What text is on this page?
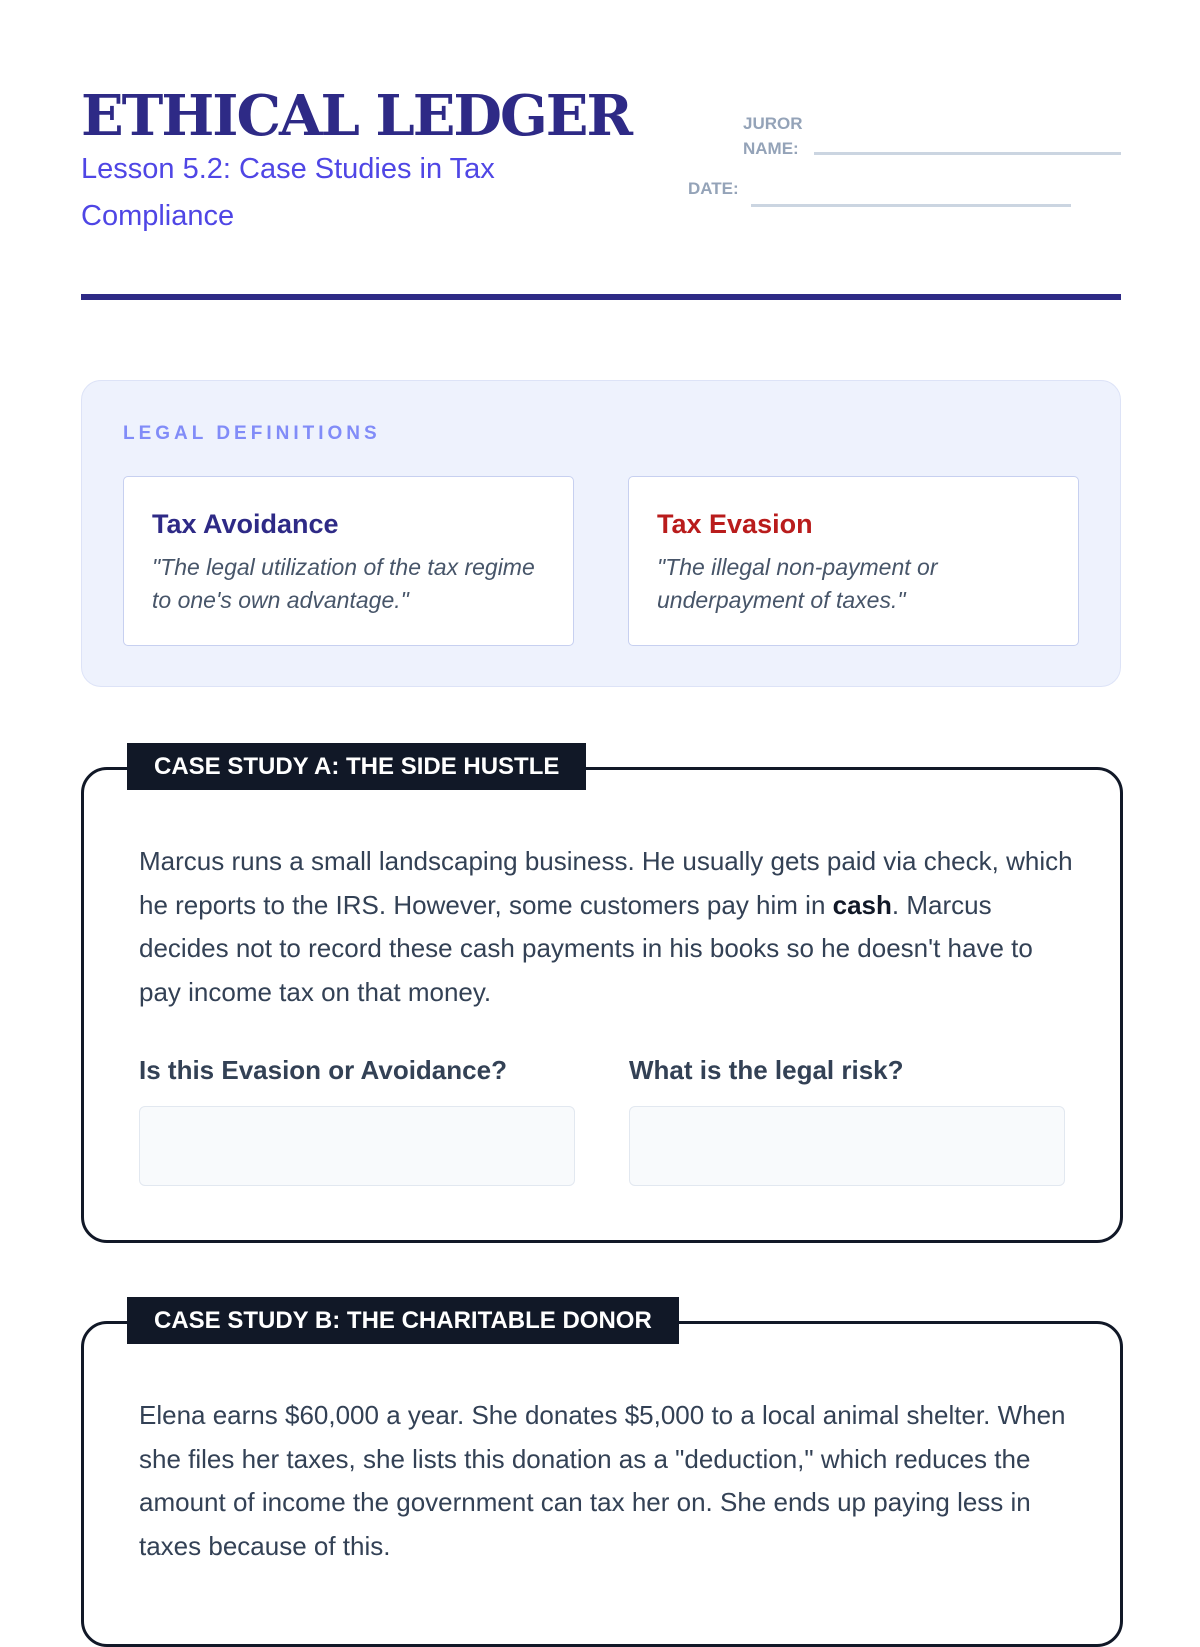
ETHICAL LEDGER
Lesson 5.2: Case Studies in Tax Compliance
JUROR NAME:
DATE:
LEGAL DEFINITIONS
Tax Avoidance
"The legal utilization of the tax regime to one's own advantage."
Tax Evasion
"The illegal non-payment or underpayment of taxes."
CASE STUDY A: THE SIDE HUSTLE
Marcus runs a small landscaping business. He usually gets paid via check, which he reports to the IRS. However, some customers pay him in cash. Marcus decides not to record these cash payments in his books so he doesn't have to pay income tax on that money.
Is this Evasion or Avoidance?	What is the legal risk?
CASE STUDY B: THE CHARITABLE DONOR
Elena earns $60,000 a year. She donates $5,000 to a local animal shelter. When she files her taxes, she lists this donation as a "deduction," which reduces the amount of income the government can tax her on. She ends up paying less in taxes because of this.
